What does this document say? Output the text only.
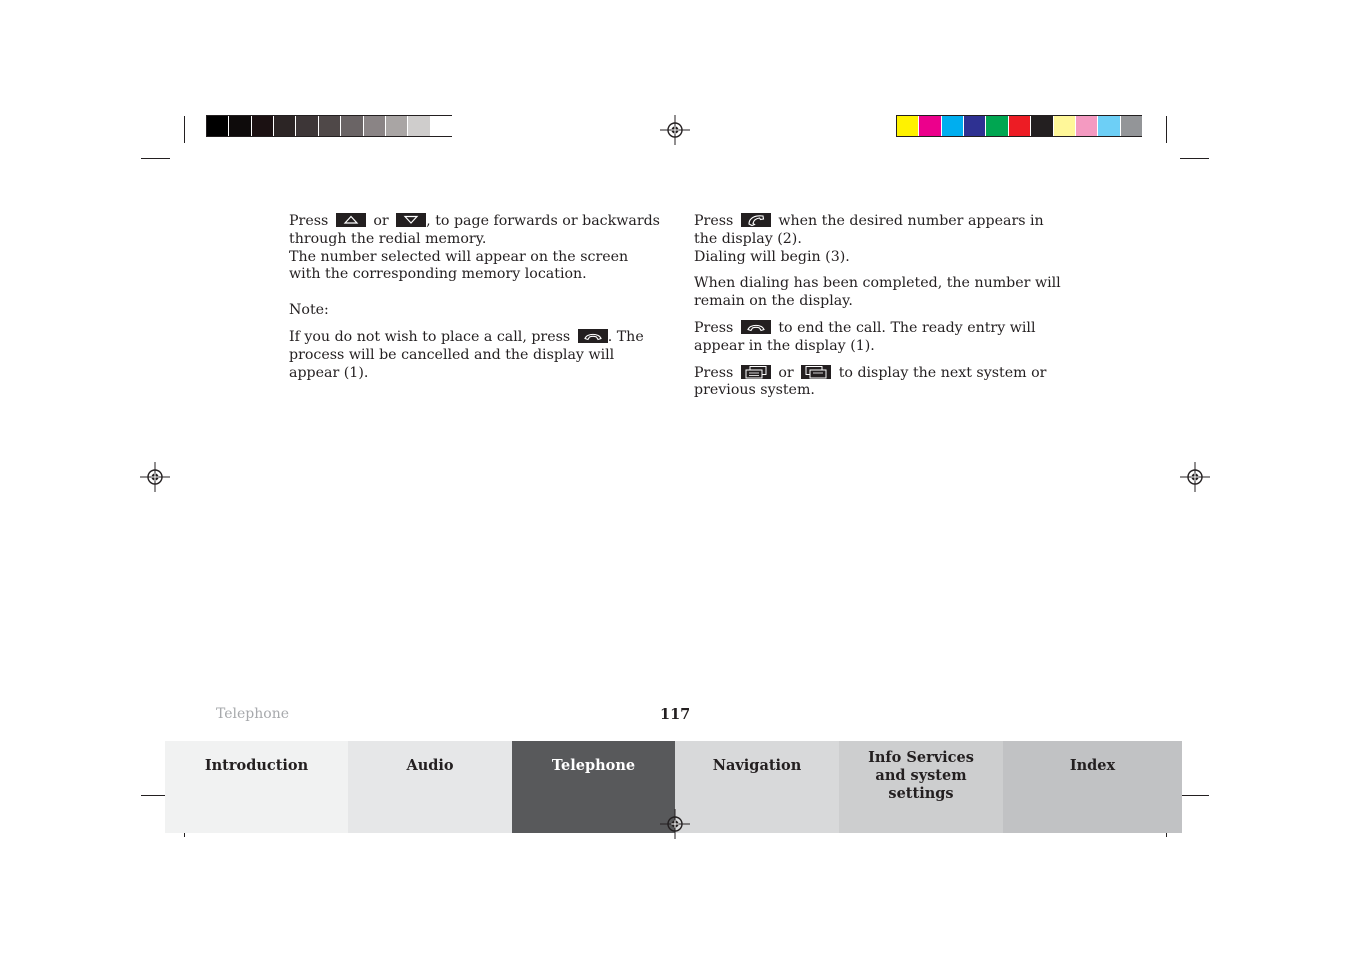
Press	or	, to page forwards or backwards through the redial memory.
The number selected will appear on the screen with the corresponding memory location.

Note:

If you do not wish to place a call, press	. The process will be cancelled and the display will appear (1).

Press	when the desired number appears in the display (2).
Dialing will begin (3).

When dialing has been completed, the number will remain on the display.

Press	to end the call. The ready entry will appear in the display (1).

Press	or	to display the next system or previous system.

Telephone	117
Introduction	Audio	Telephone	Navigation	Info Services and system settings
Index
